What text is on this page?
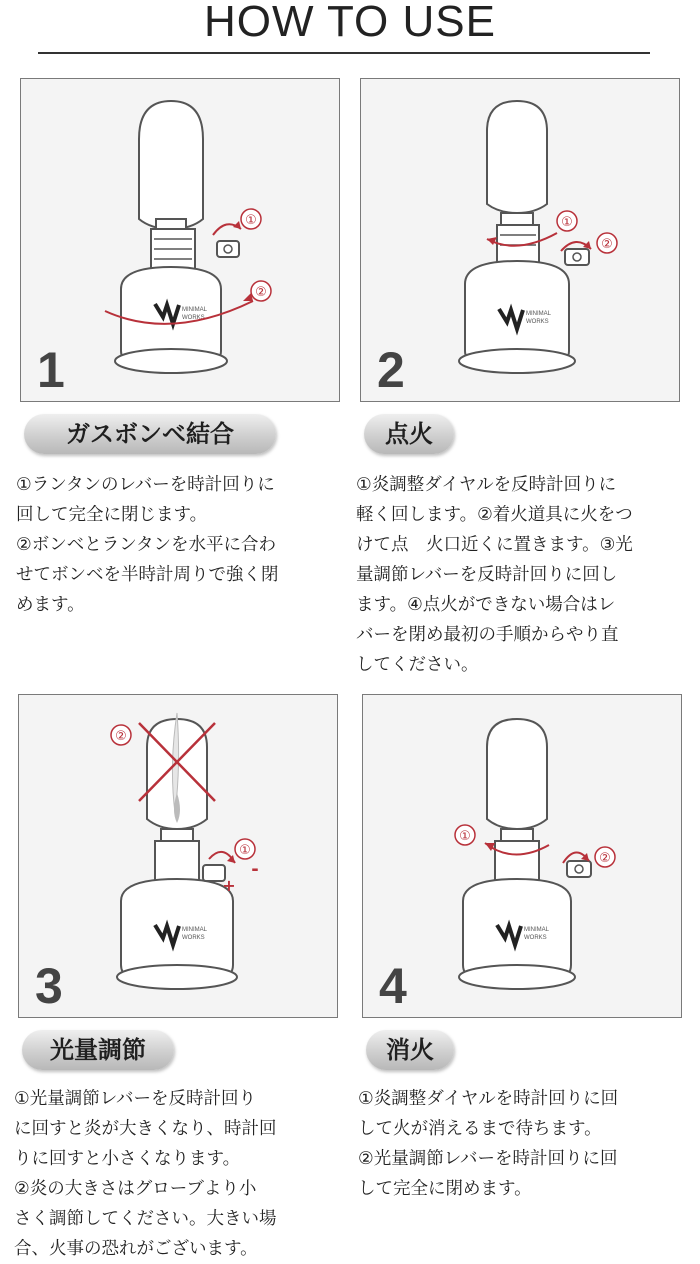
HOW TO USE
MINIMAL
WORKS
①
②
1
ガスボンベ結合
①ランタンのレバーを時計回りに
回して完全に閉じます。
②ボンベとランタンを水平に合わ
せてボンベを半時計周りで強く閉
めます。
MINIMAL
WORKS
①
②
2
点火
①炎調整ダイヤルを反時計回りに
軽く回します。②着火道具に火をつ
けて点　火口近くに置きます。③光
量調節レバーを反時計回りに回し
ます。④点火ができない場合はレ
バーを閉め最初の手順からやり直
してください。
MINIMAL
WORKS
②
①
-
+
3
光量調節
①光量調節レバーを反時計回り
に回すと炎が大きくなり、時計回
りに回すと小さくなります。
②炎の大きさはグローブより小
さく調節してください。大きい場
合、火事の恐れがございます。
MINIMAL
WORKS
①
②
4
消火
①炎調整ダイヤルを時計回りに回
して火が消えるまで待ちます。
②光量調節レバーを時計回りに回
して完全に閉めます。
